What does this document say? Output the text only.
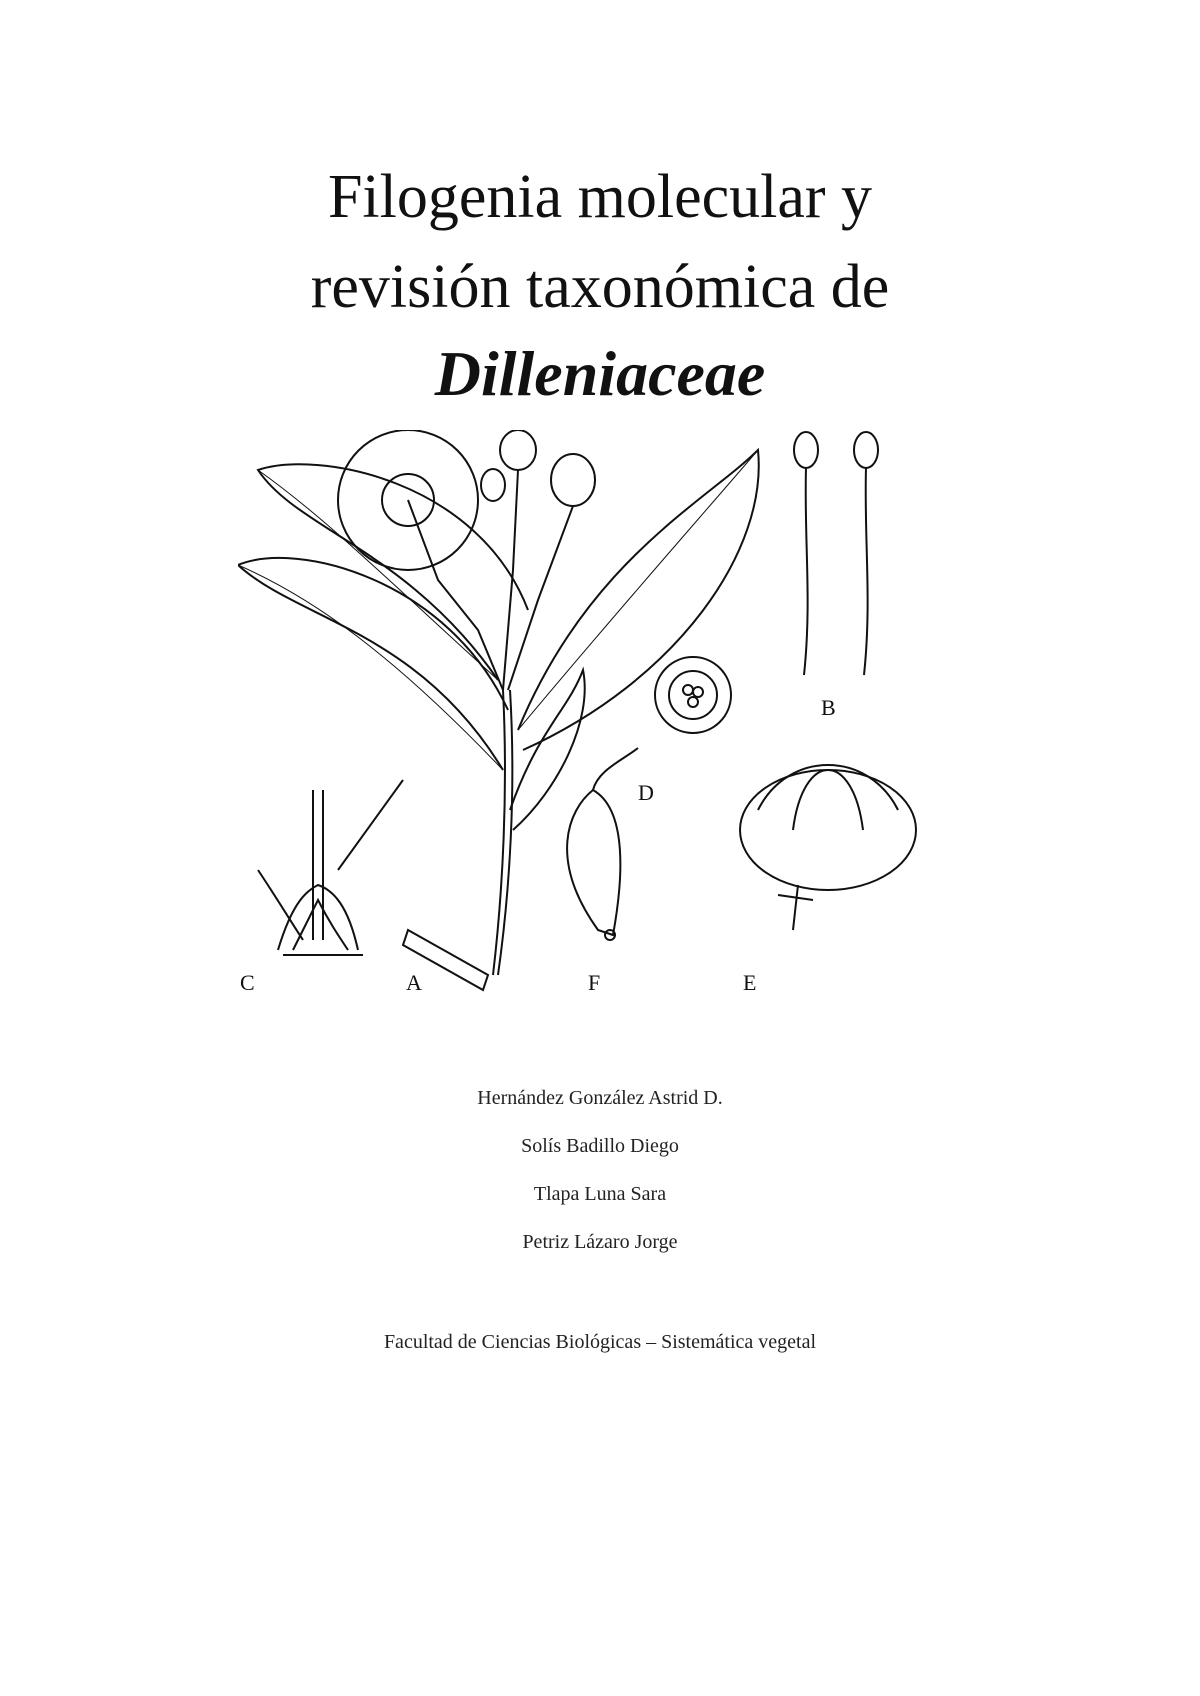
Filogenia molecular y
revisión taxonómica de
Dilleniaceae
C	A	F	E
D
B

Hernández González Astrid D.

Solís Badillo Diego

Tlapa Luna Sara

Petriz Lázaro Jorge

Facultad de Ciencias Biológicas – Sistemática vegetal
